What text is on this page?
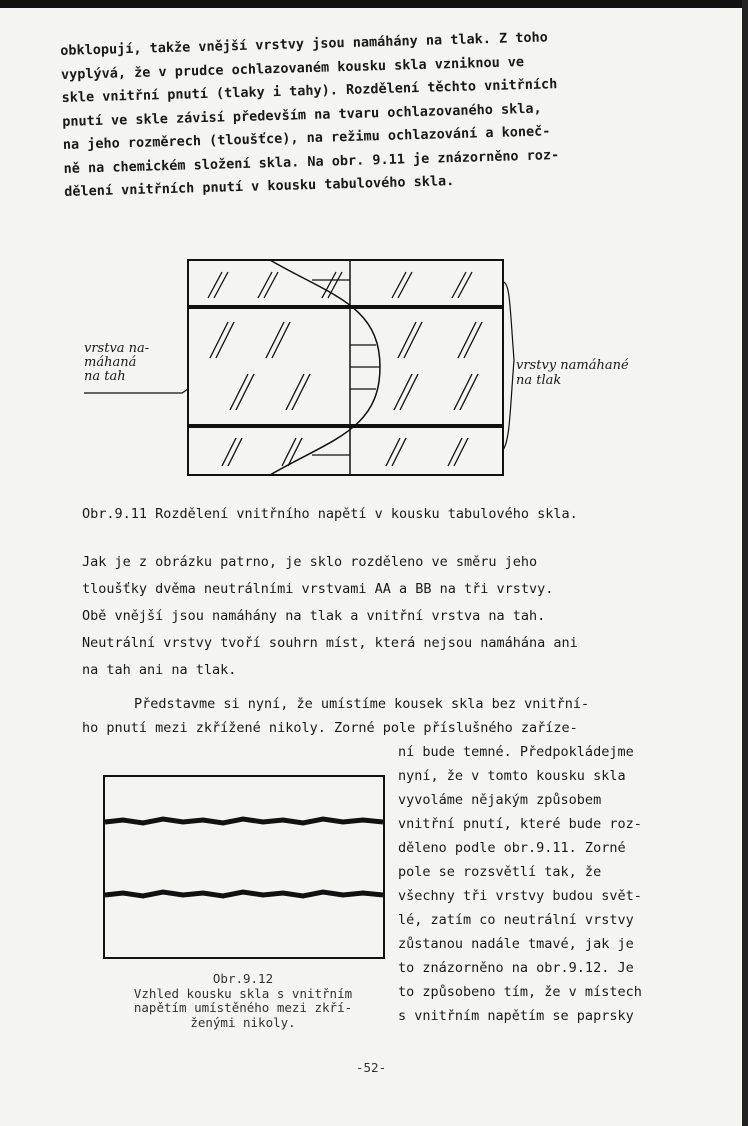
obklopují, takže vnější vrstvy jsou namáhány na tlak. Z toho
vyplývá, že v prudce ochlazovaném kousku skla vzniknou ve
skle vnitřní pnutí (tlaky i tahy). Rozdělení těchto vnitřních
pnutí ve skle závisí především na tvaru ochlazovaného skla,
na jeho rozměrech (tloušťce), na režimu ochlazování a koneč-
ně na chemickém složení skla. Na obr. 9.11 je znázorněno roz-
dělení vnitřních pnutí v kousku tabulového skla.
vrstva na-
máhaná
na tah
vrstvy namáhané
na tlak
Obr.9.11 Rozdělení vnitřního napětí v kousku tabulového skla.
Jak je z obrázku patrno, je sklo rozděleno ve směru jeho
tloušťky dvěma neutrálními vrstvami AA a BB na tři vrstvy.
Obě vnější jsou namáhány na tlak a vnitřní vrstva na tah.
Neutrální vrstvy tvoří souhrn míst, která nejsou namáhána ani
na tah ani na tlak.
Představme si nyní, že umístíme kousek skla bez vnitřní-
ho pnutí mezi zkřížené nikoly. Zorné pole příslušného zaříze-
ní bude temné. Předpokládejme
nyní, že v tomto kousku skla
vyvoláme nějakým způsobem
vnitřní pnutí, které bude roz-
děleno podle obr.9.11. Zorné
pole se rozsvětlí tak, že
všechny tři vrstvy budou svět-
lé, zatím co neutrální vrstvy
zůstanou nadále tmavé, jak je
to znázorněno na obr.9.12. Je
to způsobeno tím, že v místech
s vnitřním napětím se paprsky
Obr.9.12
Vzhled kousku skla s vnitřním
napětím umístěného mezi zkří-
ženými nikoly.
-52-
